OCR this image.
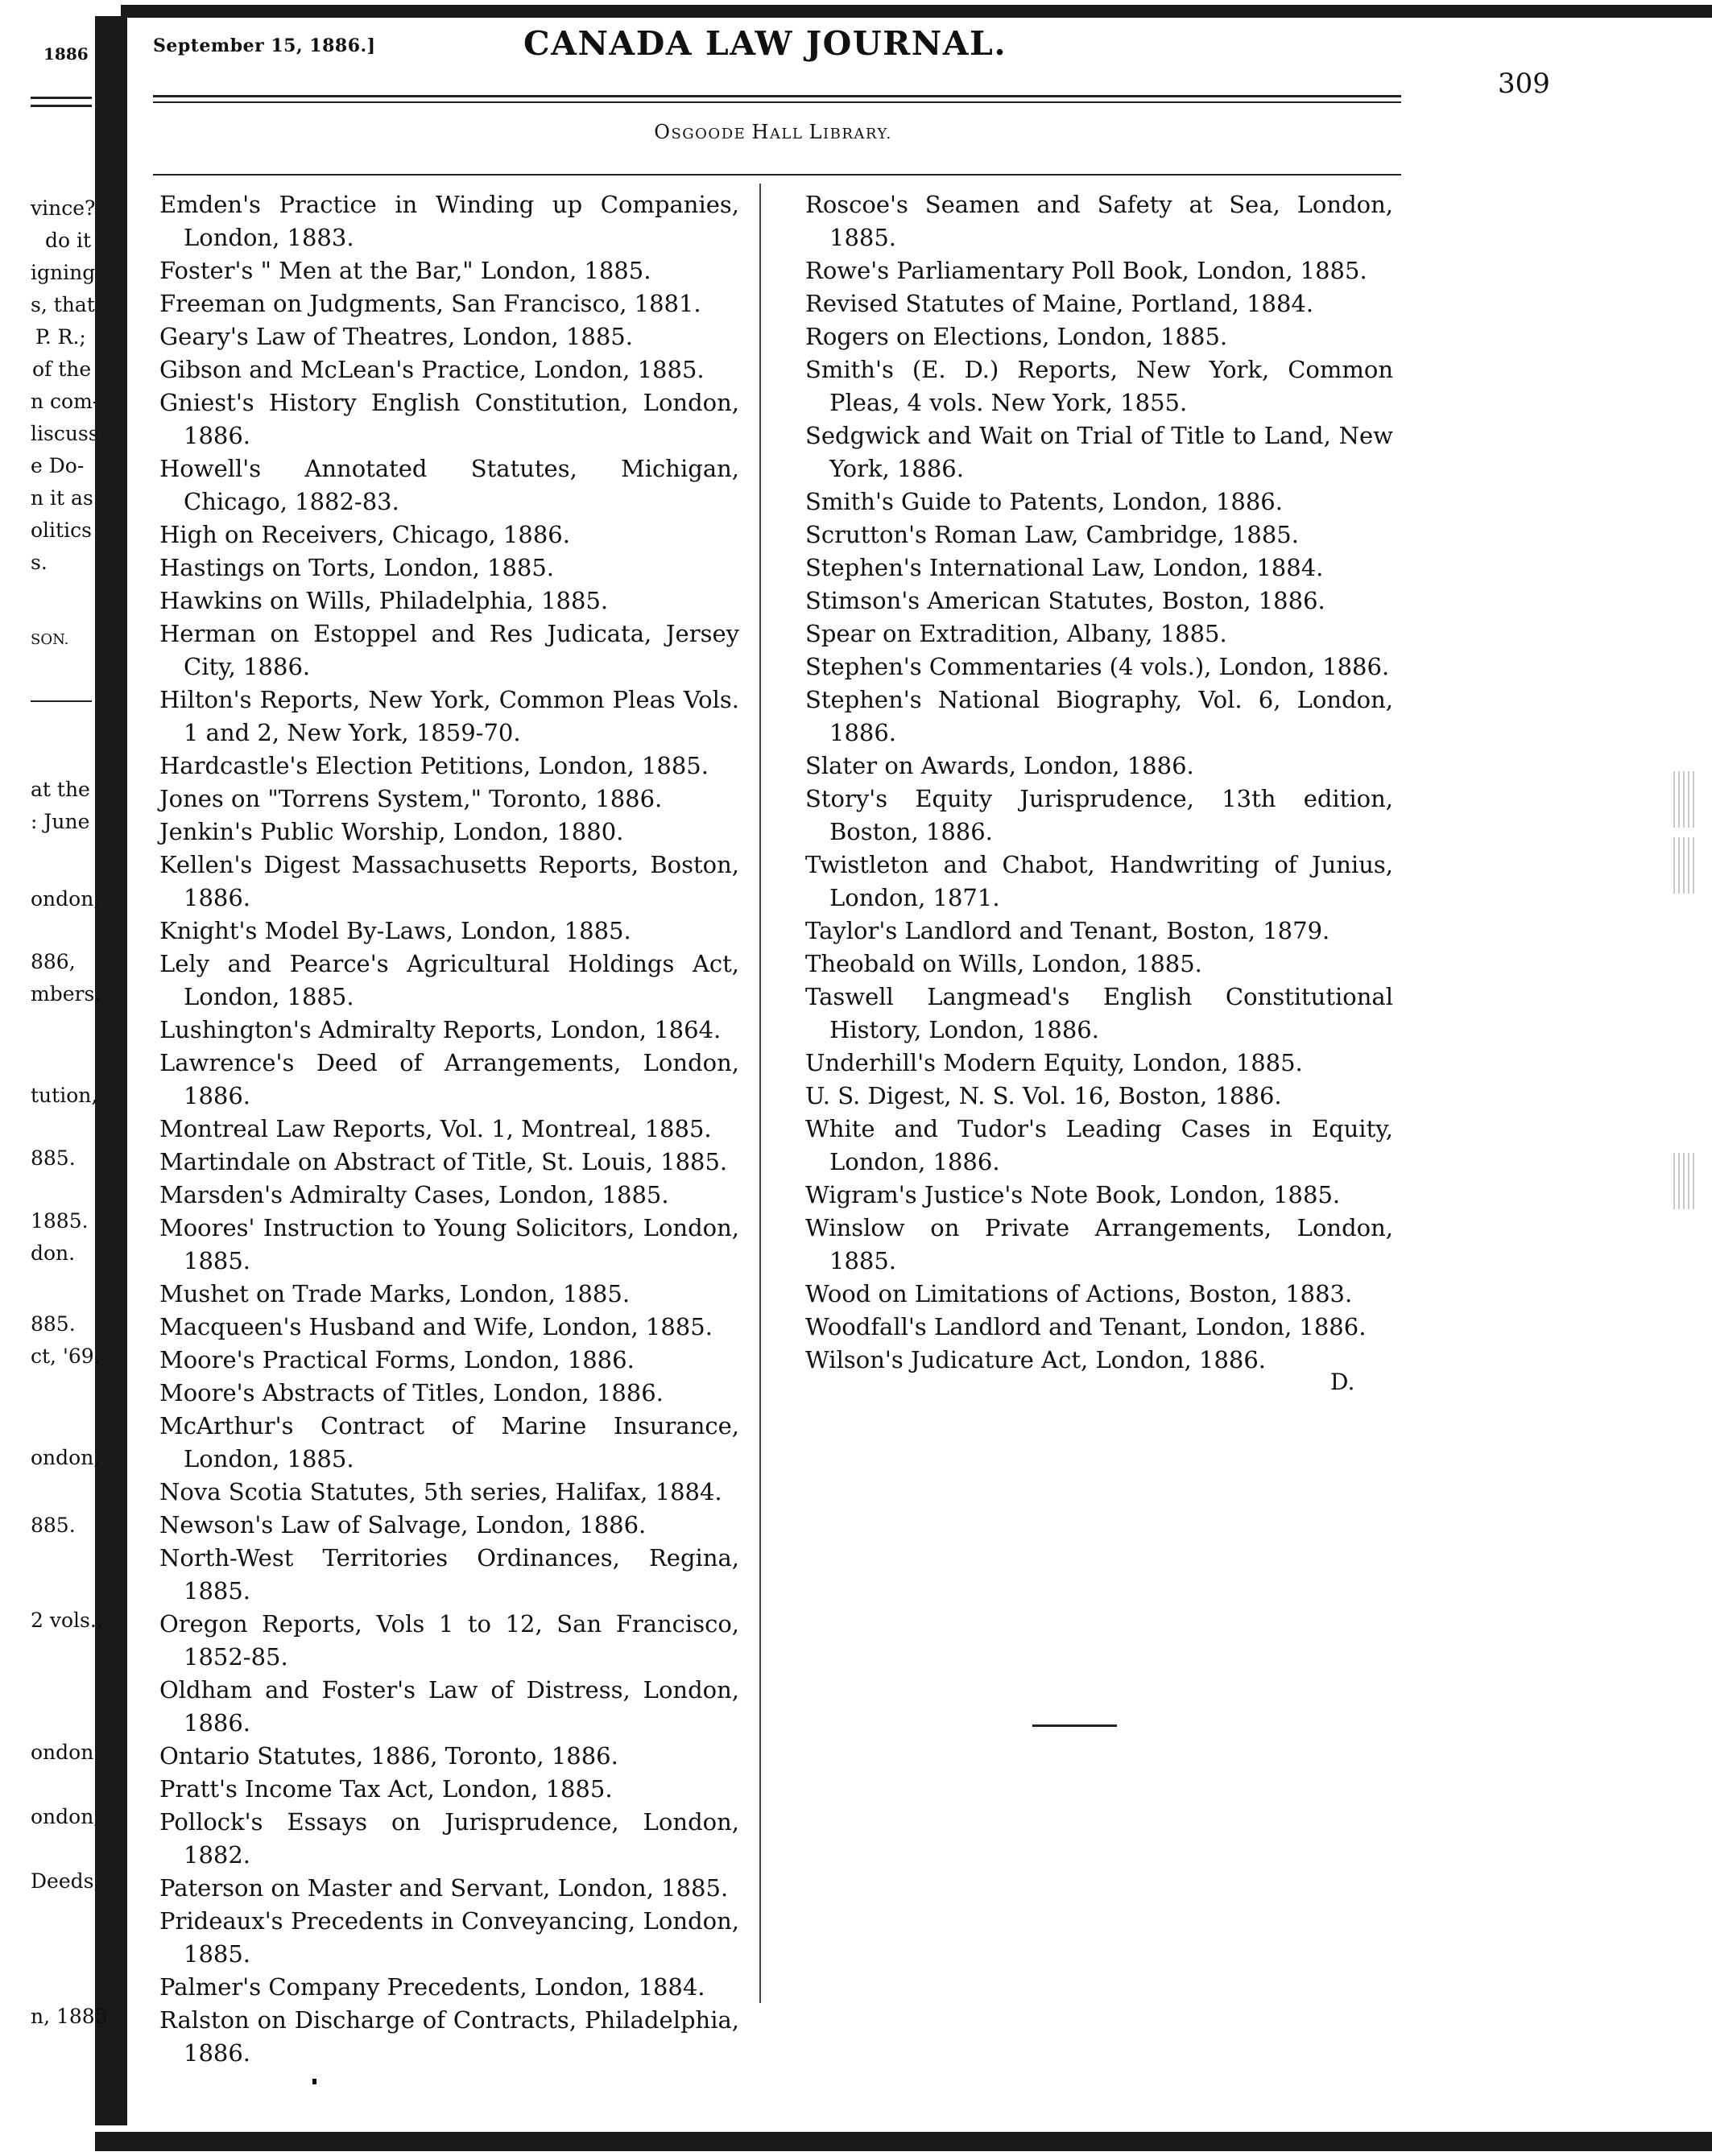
1886
vince?
do it
igning
s, that
P. R.;
of the
n com-
liscuss
e Do-
n it as
olitics
s.
SON.
at the
: June
ondon,
886,
mbers,
tution,
885.
1885.
don.
885.
ct, '69.
ondon,
885.
2 vols.,
ondon
ondon,
Deeds,
n, 1885
September 15, 1886.]	CANADA LAW JOURNAL.
309
OSGOODE HALL LIBRARY.

Emden's Practice in Winding up Companies, London, 1883.

Foster's " Men at the Bar," London, 1885.

Freeman on Judgments, San Francisco, 1881.

Geary's Law of Theatres, London, 1885.

Gibson and McLean's Practice, London, 1885.

Gniest's History English Constitution, London, 1886.

Howell's Annotated Statutes, Michigan, Chicago, 1882-83.

High on Receivers, Chicago, 1886.

Hastings on Torts, London, 1885.

Hawkins on Wills, Philadelphia, 1885.

Herman on Estoppel and Res Judicata, Jersey City, 1886.

Hilton's Reports, New York, Common Pleas Vols. 1 and 2, New York, 1859-70.

Hardcastle's Election Petitions, London, 1885.

Jones on "Torrens System," Toronto, 1886.

Jenkin's Public Worship, London, 1880.

Kellen's Digest Massachusetts Reports, Boston, 1886.

Knight's Model By-Laws, London, 1885.

Lely and Pearce's Agricultural Holdings Act, London, 1885.

Lushington's Admiralty Reports, London, 1864.

Lawrence's Deed of Arrangements, London, 1886.

Montreal Law Reports, Vol. 1, Montreal, 1885.

Martindale on Abstract of Title, St. Louis, 1885.

Marsden's Admiralty Cases, London, 1885.

Moores' Instruction to Young Solicitors, London, 1885.

Mushet on Trade Marks, London, 1885.

Macqueen's Husband and Wife, London, 1885.

Moore's Practical Forms, London, 1886.

Moore's Abstracts of Titles, London, 1886.

McArthur's Contract of Marine Insurance, London, 1885.

Nova Scotia Statutes, 5th series, Halifax, 1884.

Newson's Law of Salvage, London, 1886.

North-West Territories Ordinances, Regina, 1885.

Oregon Reports, Vols 1 to 12, San Francisco, 1852-85.

Oldham and Foster's Law of Distress, London, 1886.

Ontario Statutes, 1886, Toronto, 1886.

Pratt's Income Tax Act, London, 1885.

Pollock's Essays on Jurisprudence, London, 1882.

Paterson on Master and Servant, London, 1885.

Prideaux's Precedents in Conveyancing, London, 1885.

Palmer's Company Precedents, London, 1884.

Ralston on Discharge of Contracts, Philadelphia, 1886.

Roscoe's Seamen and Safety at Sea, London, 1885.

Rowe's Parliamentary Poll Book, London, 1885.

Revised Statutes of Maine, Portland, 1884.

Rogers on Elections, London, 1885.

Smith's (E. D.) Reports, New York, Common Pleas, 4 vols. New York, 1855.

Sedgwick and Wait on Trial of Title to Land, New York, 1886.

Smith's Guide to Patents, London, 1886.

Scrutton's Roman Law, Cambridge, 1885.

Stephen's International Law, London, 1884.

Stimson's American Statutes, Boston, 1886.

Spear on Extradition, Albany, 1885.

Stephen's Commentaries (4 vols.), London, 1886.

Stephen's National Biography, Vol. 6, London, 1886.

Slater on Awards, London, 1886.

Story's Equity Jurisprudence, 13th edition, Boston, 1886.

Twistleton and Chabot, Handwriting of Junius, London, 1871.

Taylor's Landlord and Tenant, Boston, 1879.

Theobald on Wills, London, 1885.

Taswell Langmead's English Constitutional History, London, 1886.

Underhill's Modern Equity, London, 1885.

U. S. Digest, N. S. Vol. 16, Boston, 1886.

White and Tudor's Leading Cases in Equity, London, 1886.

Wigram's Justice's Note Book, London, 1885.

Winslow on Private Arrangements, London, 1885.

Wood on Limitations of Actions, Boston, 1883.

Woodfall's Landlord and Tenant, London, 1886.

Wilson's Judicature Act, London, 1886.

D.
